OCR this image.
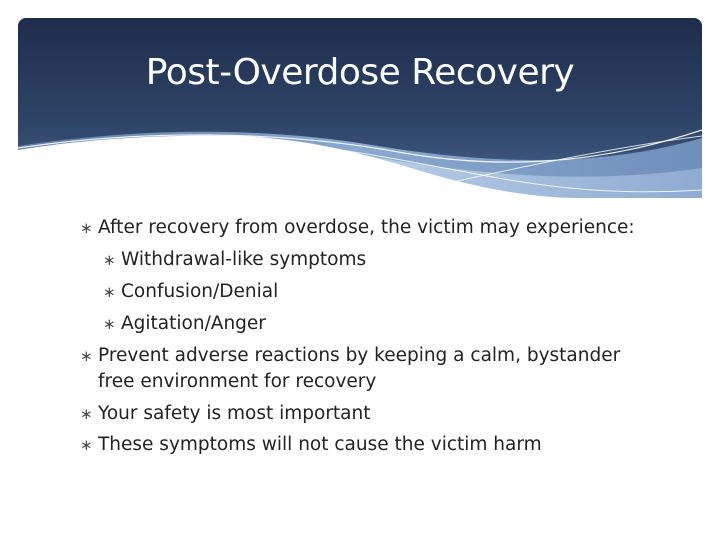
Post-Overdose Recovery
∗ After recovery from overdose, the victim may experience:
∗ Withdrawal-like symptoms
∗ Confusion/Denial
∗ Agitation/Anger
∗ Prevent adverse reactions by keeping a calm, bystander
free environment for recovery
∗ Your safety is most important
∗ These symptoms will not cause the victim harm
